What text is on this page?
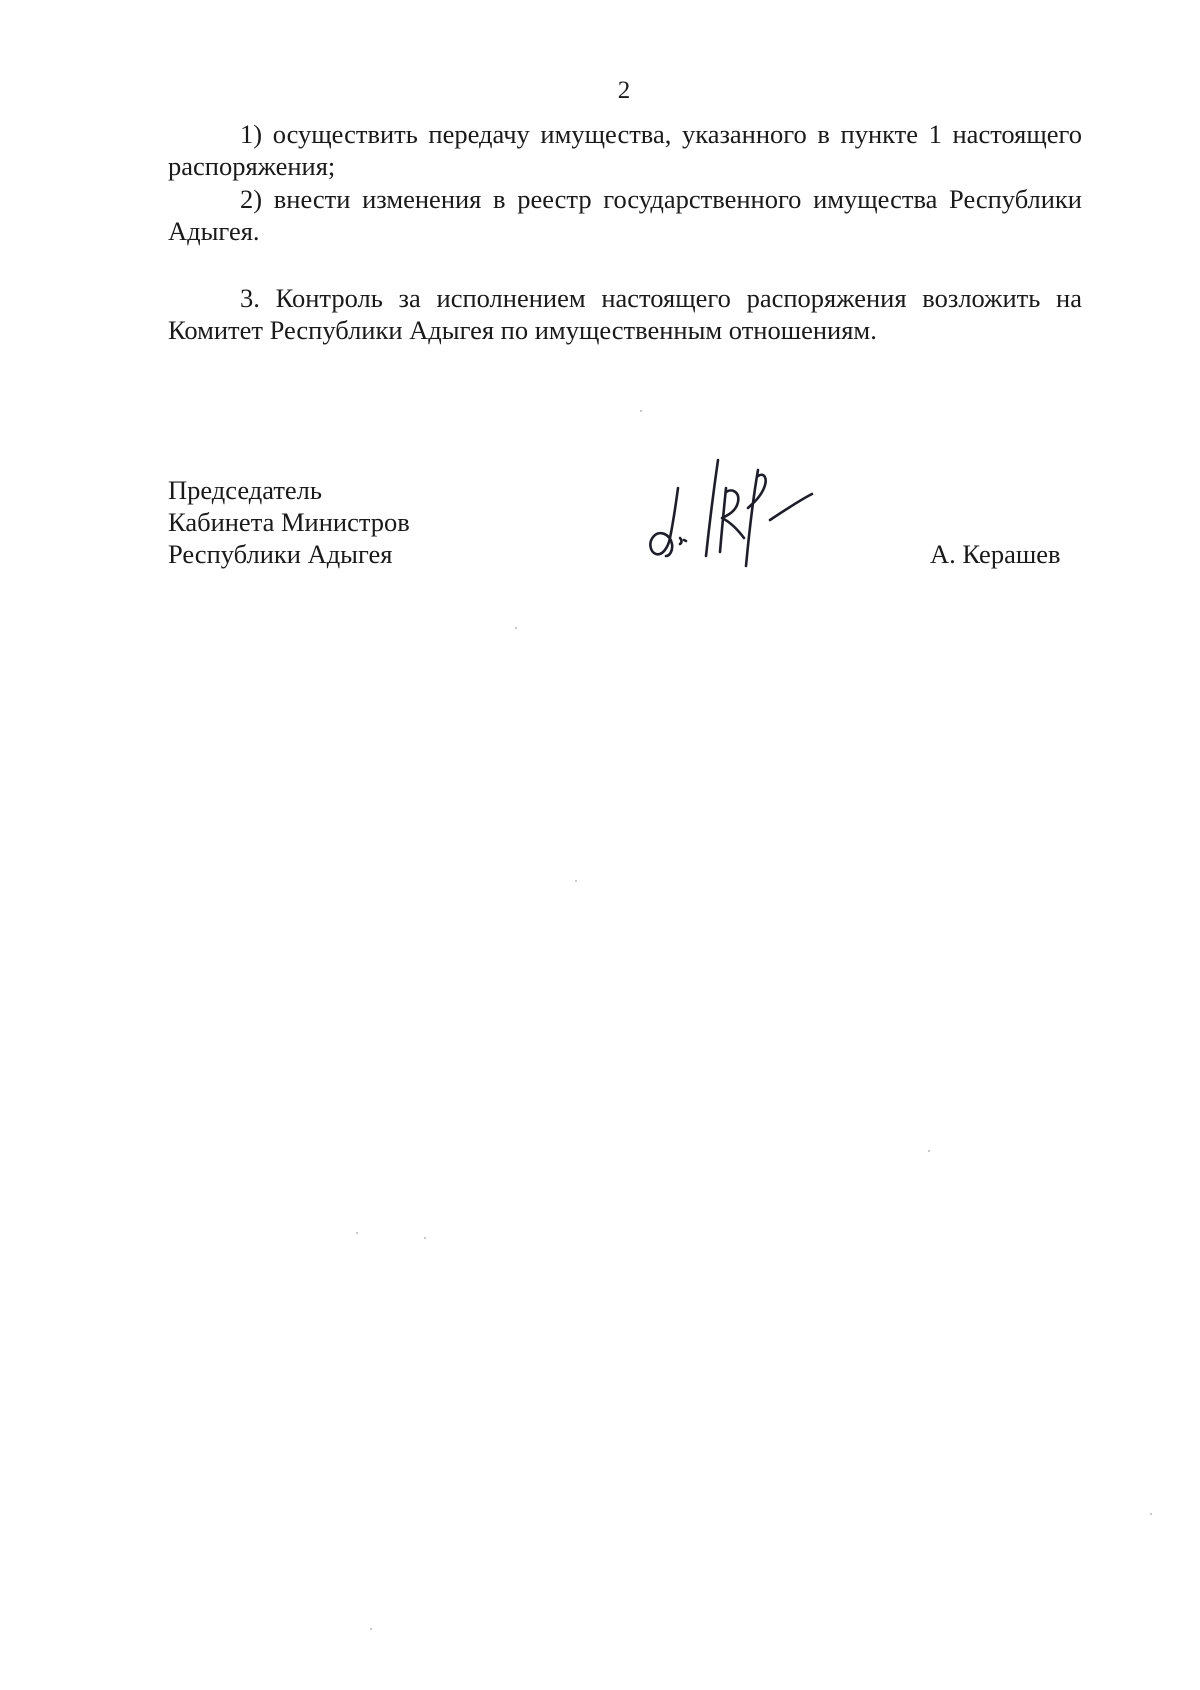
2

1) осуществить передачу имущества, указанного в пункте 1 настоящего распоряжения;

2) внести изменения в реестр государственного имущества Республики Адыгея.

3. Контроль за исполнением настоящего распоряжения возложить на Комитет Республики Адыгея по имущественным отношениям.

Председатель
Кабинета Министров
Республики Адыгея	А. Керашев
